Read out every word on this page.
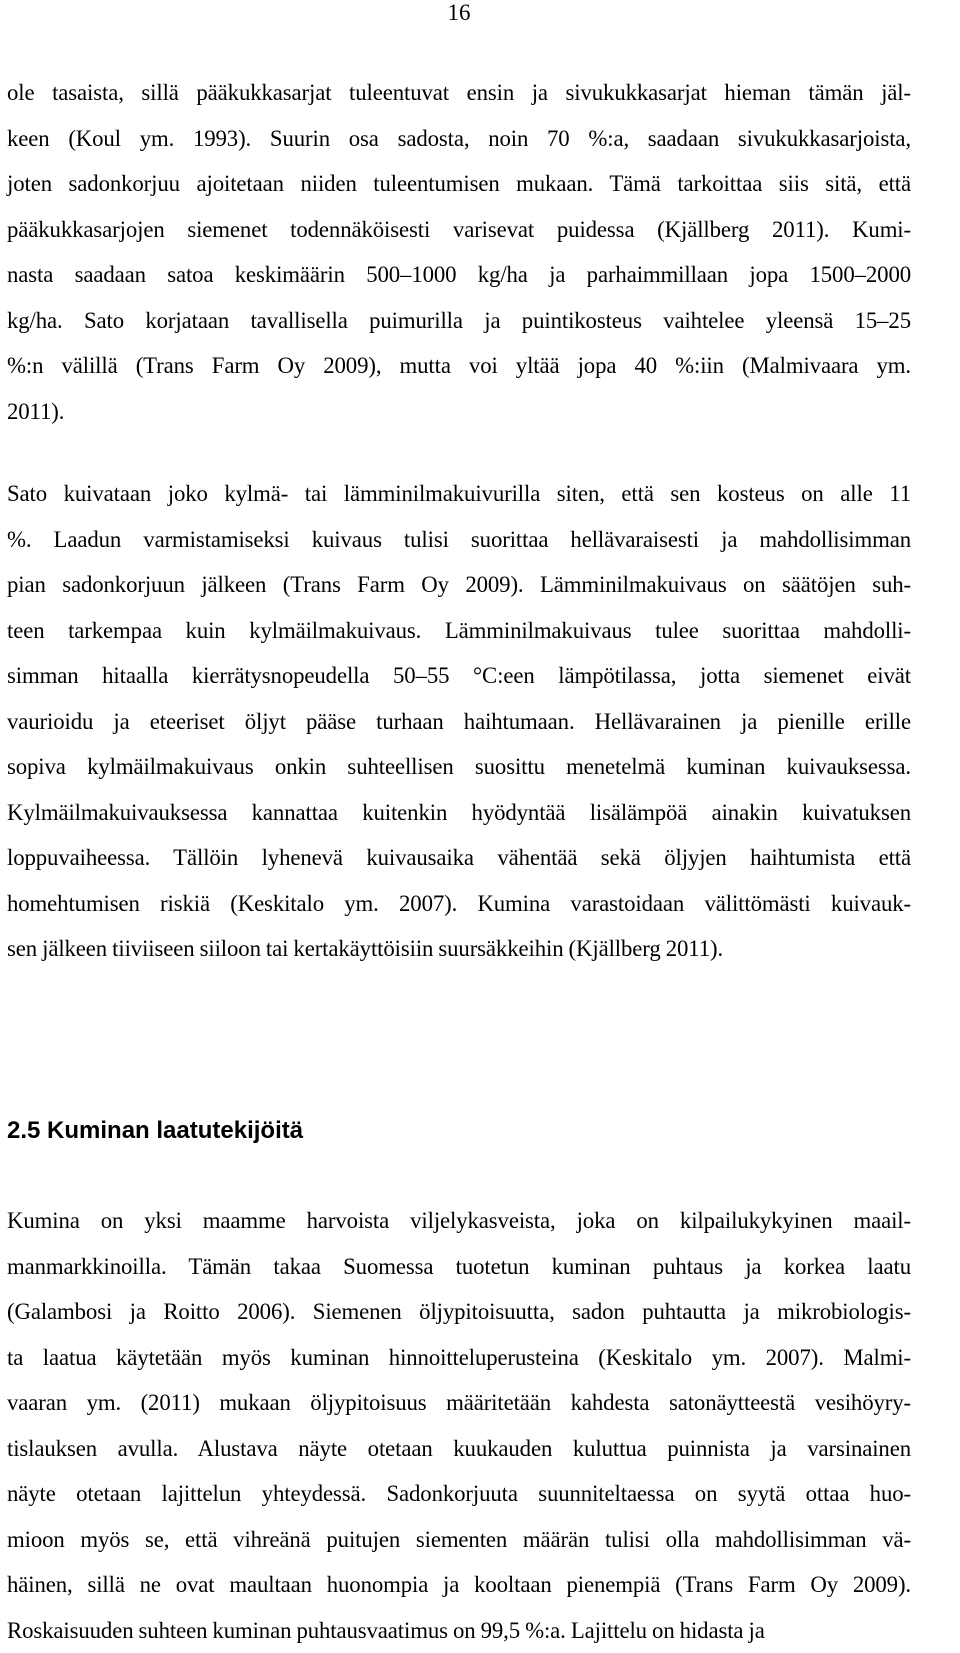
16

ole tasaista, sillä pääkukkasarjat tuleentuvat ensin ja sivukukkasarjat hieman tämän jäl-
keen (Koul ym. 1993). Suurin osa sadosta, noin 70 %:a, saadaan sivukukkasarjoista,
joten sadonkorjuu ajoitetaan niiden tuleentumisen mukaan. Tämä tarkoittaa siis sitä, että
pääkukkasarjojen siemenet todennäköisesti varisevat puidessa (Kjällberg 2011). Kumi-
nasta saadaan satoa keskimäärin 500–1000 kg/ha ja parhaimmillaan jopa 1500–2000
kg/ha. Sato korjataan tavallisella puimurilla ja puintikosteus vaihtelee yleensä 15–25
%:n välillä (Trans Farm Oy 2009), mutta voi yltää jopa 40 %:iin (Malmivaara ym.
2011).

Sato kuivataan joko kylmä- tai lämminilmakuivurilla siten, että sen kosteus on alle 11
%. Laadun varmistamiseksi kuivaus tulisi suorittaa hellävaraisesti ja mahdollisimman
pian sadonkorjuun jälkeen (Trans Farm Oy 2009). Lämminilmakuivaus on säätöjen suh-
teen tarkempaa kuin kylmäilmakuivaus. Lämminilmakuivaus tulee suorittaa mahdolli-
simman hitaalla kierrätysnopeudella 50–55 °C:een lämpötilassa, jotta siemenet eivät
vaurioidu ja eteeriset öljyt pääse turhaan haihtumaan. Hellävarainen ja pienille erille
sopiva kylmäilmakuivaus onkin suhteellisen suosittu menetelmä kuminan kuivauksessa.
Kylmäilmakuivauksessa kannattaa kuitenkin hyödyntää lisälämpöä ainakin kuivatuksen
loppuvaiheessa. Tällöin lyhenevä kuivausaika vähentää sekä öljyjen haihtumista että
homehtumisen riskiä (Keskitalo ym. 2007). Kumina varastoidaan välittömästi kuivauk-
sen jälkeen tiiviiseen siiloon tai kertakäyttöisiin suursäkkeihin (Kjällberg 2011).

2.5 Kuminan laatutekijöitä

Kumina on yksi maamme harvoista viljelykasveista, joka on kilpailukykyinen maail-
manmarkkinoilla. Tämän takaa Suomessa tuotetun kuminan puhtaus ja korkea laatu
(Galambosi ja Roitto 2006). Siemenen öljypitoisuutta, sadon puhtautta ja mikrobiologis-
ta laatua käytetään myös kuminan hinnoitteluperusteina (Keskitalo ym. 2007). Malmi-
vaaran ym. (2011) mukaan öljypitoisuus määritetään kahdesta satonäytteestä vesihöyry-
tislauksen avulla. Alustava näyte otetaan kuukauden kuluttua puinnista ja varsinainen
näyte otetaan lajittelun yhteydessä. Sadonkorjuuta suunniteltaessa on syytä ottaa huo-
mioon myös se, että vihreänä puitujen siementen määrän tulisi olla mahdollisimman vä-
häinen, sillä ne ovat maultaan huonompia ja kooltaan pienempiä (Trans Farm Oy 2009).
Roskaisuuden suhteen kuminan puhtausvaatimus on 99,5 %:a. Lajittelu on hidasta ja
